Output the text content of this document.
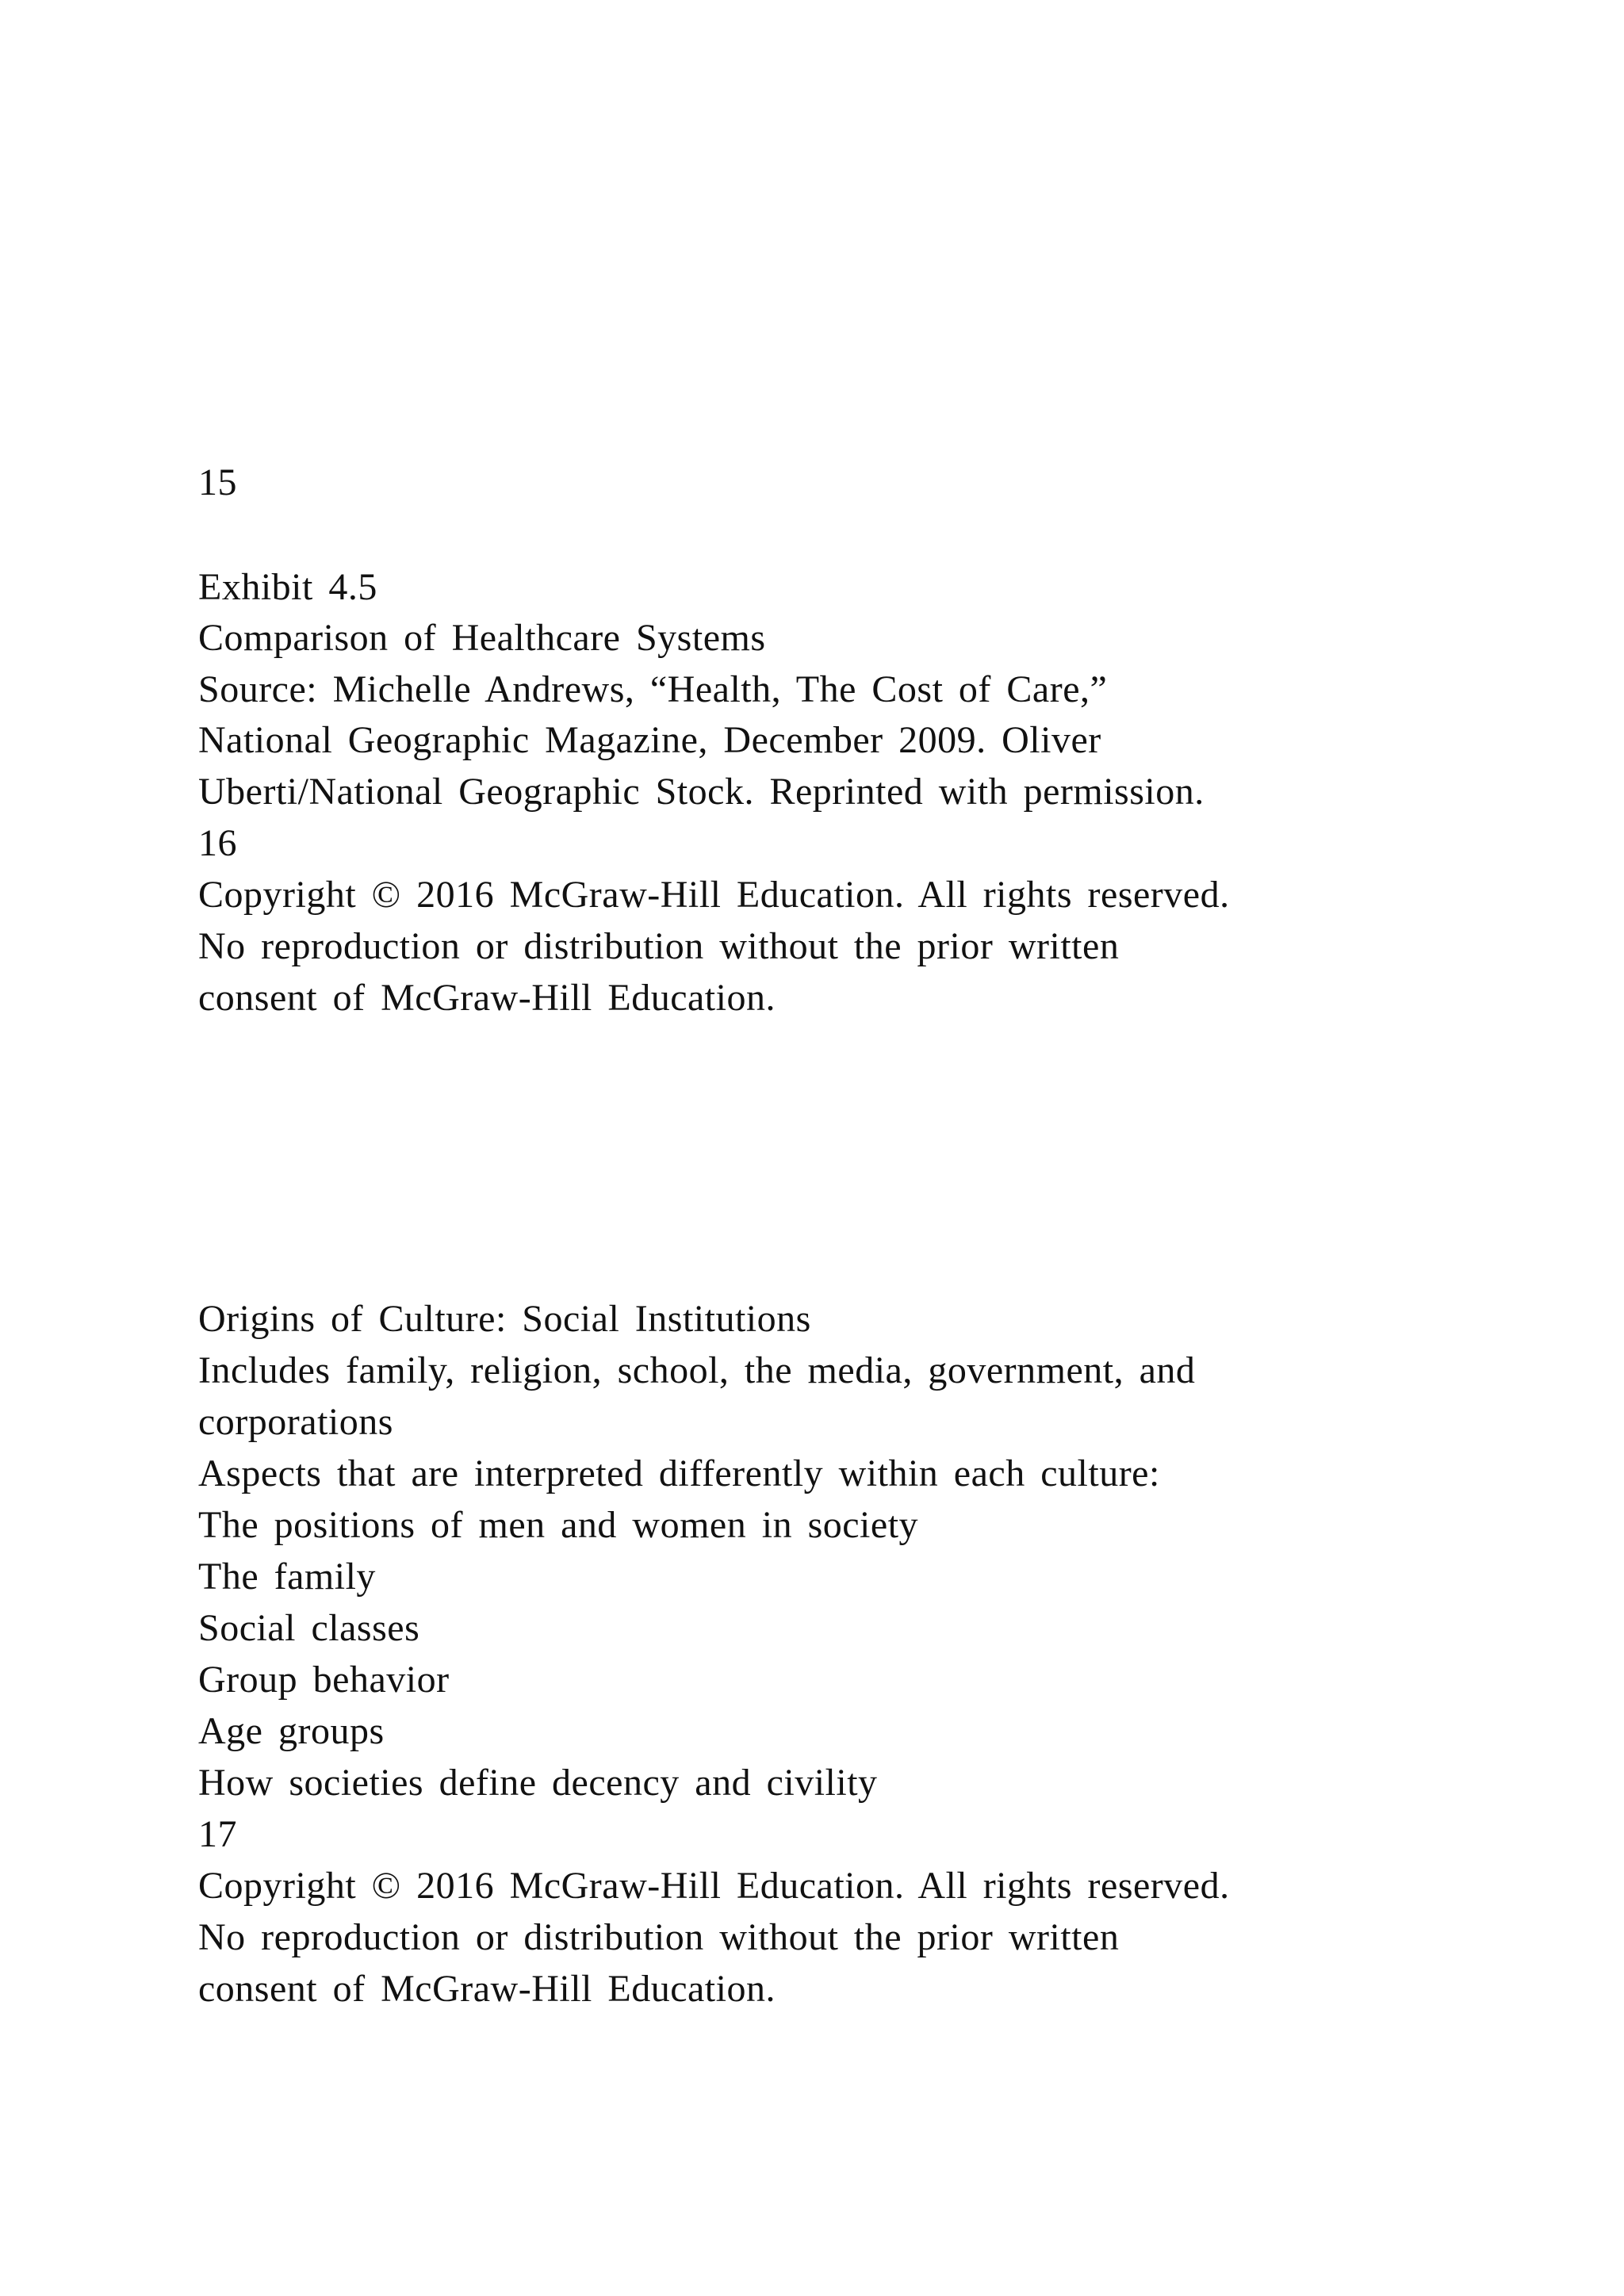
15
Exhibit 4.5
Comparison of Healthcare Systems
Source: Michelle Andrews, “Health, The Cost of Care,”
National Geographic Magazine, December 2009. Oliver
Uberti/National Geographic Stock. Reprinted with permission.
16
Copyright © 2016 McGraw-Hill Education. All rights reserved.
No reproduction or distribution without the prior written
consent of McGraw-Hill Education.
Origins of Culture: Social Institutions
Includes family, religion, school, the media, government, and
corporations
Aspects that are interpreted differently within each culture:
The positions of men and women in society
The family
Social classes
Group behavior
Age groups
How societies define decency and civility
17
Copyright © 2016 McGraw-Hill Education. All rights reserved.
No reproduction or distribution without the prior written
consent of McGraw-Hill Education.
